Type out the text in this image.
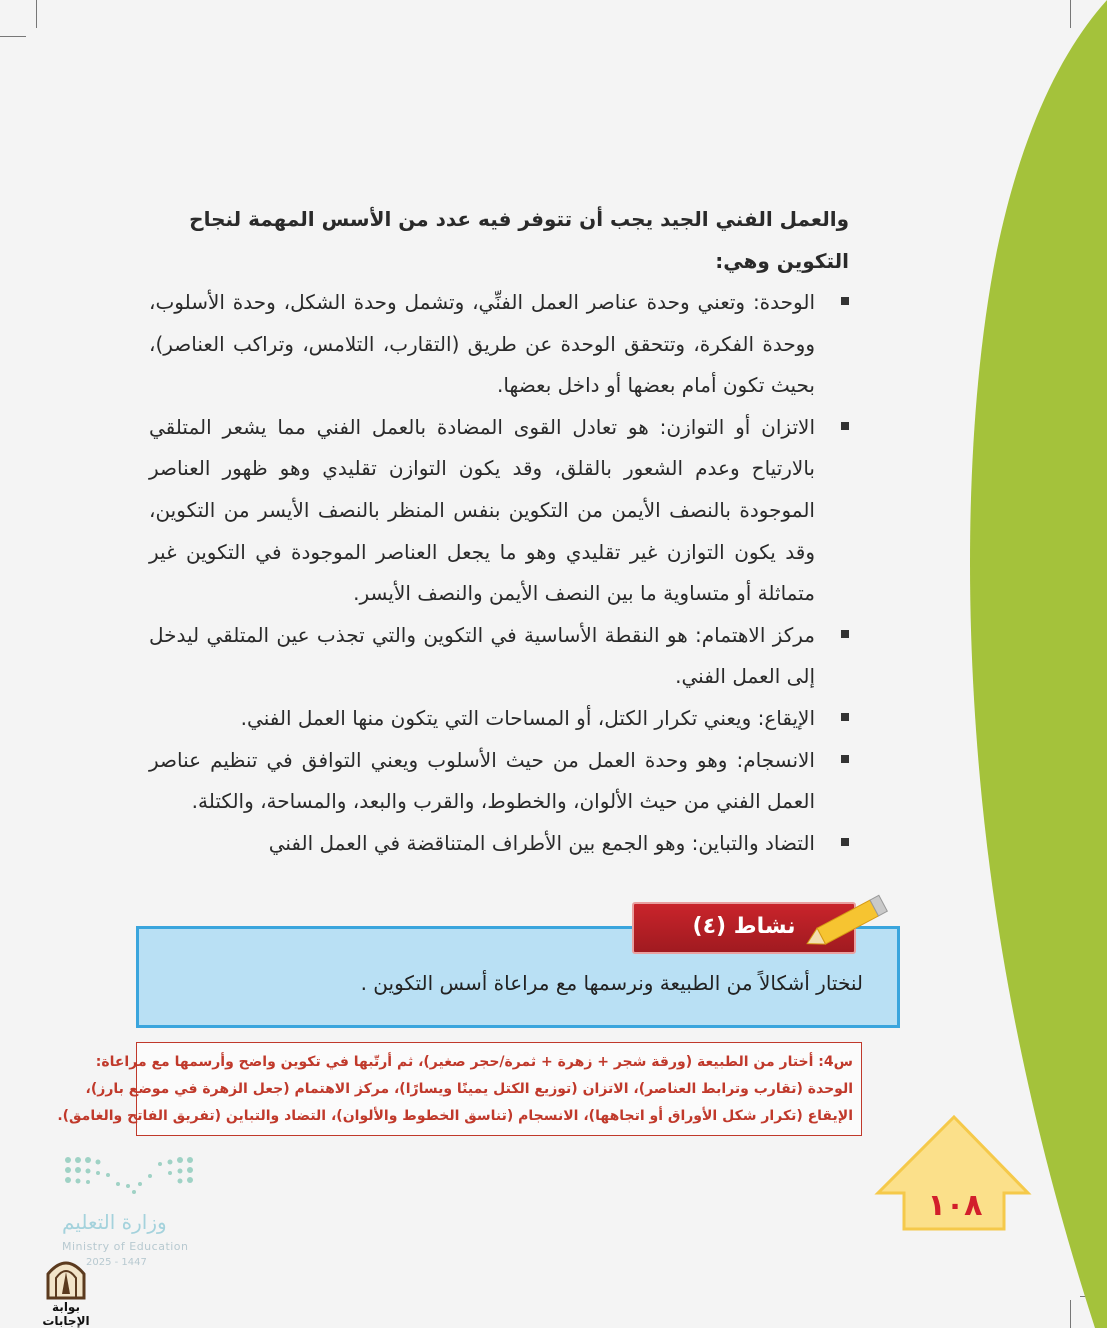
والعمل الفني الجيد يجب أن تتوفر فيه عدد من الأسس المهمة لنجاح التكوين وهي:

الوحدة: وتعني وحدة عناصر العمل الفنِّي، وتشمل وحدة الشكل، وحدة الأسلوب، ووحدة الفكرة، وتتحقق الوحدة عن طريق (التقارب، التلامس، وتراكب العناصر)، بحيث تكون أمام بعضها أو داخل بعضها.
الاتزان أو التوازن: هو تعادل القوى المضادة بالعمل الفني مما يشعر المتلقي بالارتياح وعدم الشعور بالقلق، وقد يكون التوازن تقليدي وهو ظهور العناصر الموجودة بالنصف الأيمن من التكوين بنفس المنظر بالنصف الأيسر من التكوين، وقد يكون التوازن غير تقليدي وهو ما يجعل العناصر الموجودة في التكوين غير متماثلة أو متساوية ما بين النصف الأيمن والنصف الأيسر.
مركز الاهتمام: هو النقطة الأساسية في التكوين والتي تجذب عين المتلقي ليدخل إلى العمل الفني.
الإيقاع: ويعني تكرار الكتل، أو المساحات التي يتكون منها العمل الفني.
الانسجام: وهو وحدة العمل من حيث الأسلوب ويعني التوافق في تنظيم عناصر العمل الفني من حيث الألوان، والخطوط، والقرب والبعد، والمساحة، والكتلة.
التضاد والتباين: وهو الجمع بين الأطراف المتناقضة في العمل الفني
لنختار أشكالاً من الطبيعة ونرسمها مع مراعاة أسس التكوين .
نشاط (٤)
س4: أختار من الطبيعة (ورقة شجر + زهرة + ثمرة/حجر صغير)، ثم أرتّبها في تكوين واضح وأرسمها مع مراعاة:
الوحدة (تقارب وترابط العناصر)، الاتزان (توزيع الكتل يمينًا ويسارًا)، مركز الاهتمام (جعل الزهرة في موضع بارز)،
الإيقاع (تكرار شكل الأوراق أو اتجاهها)، الانسجام (تناسق الخطوط والألوان)، التضاد والتباين (تفريق الفاتح والغامق).
١٠٨
وزارة التعليم
Ministry of Education
2025 - 1447
بوابة الإجابات
